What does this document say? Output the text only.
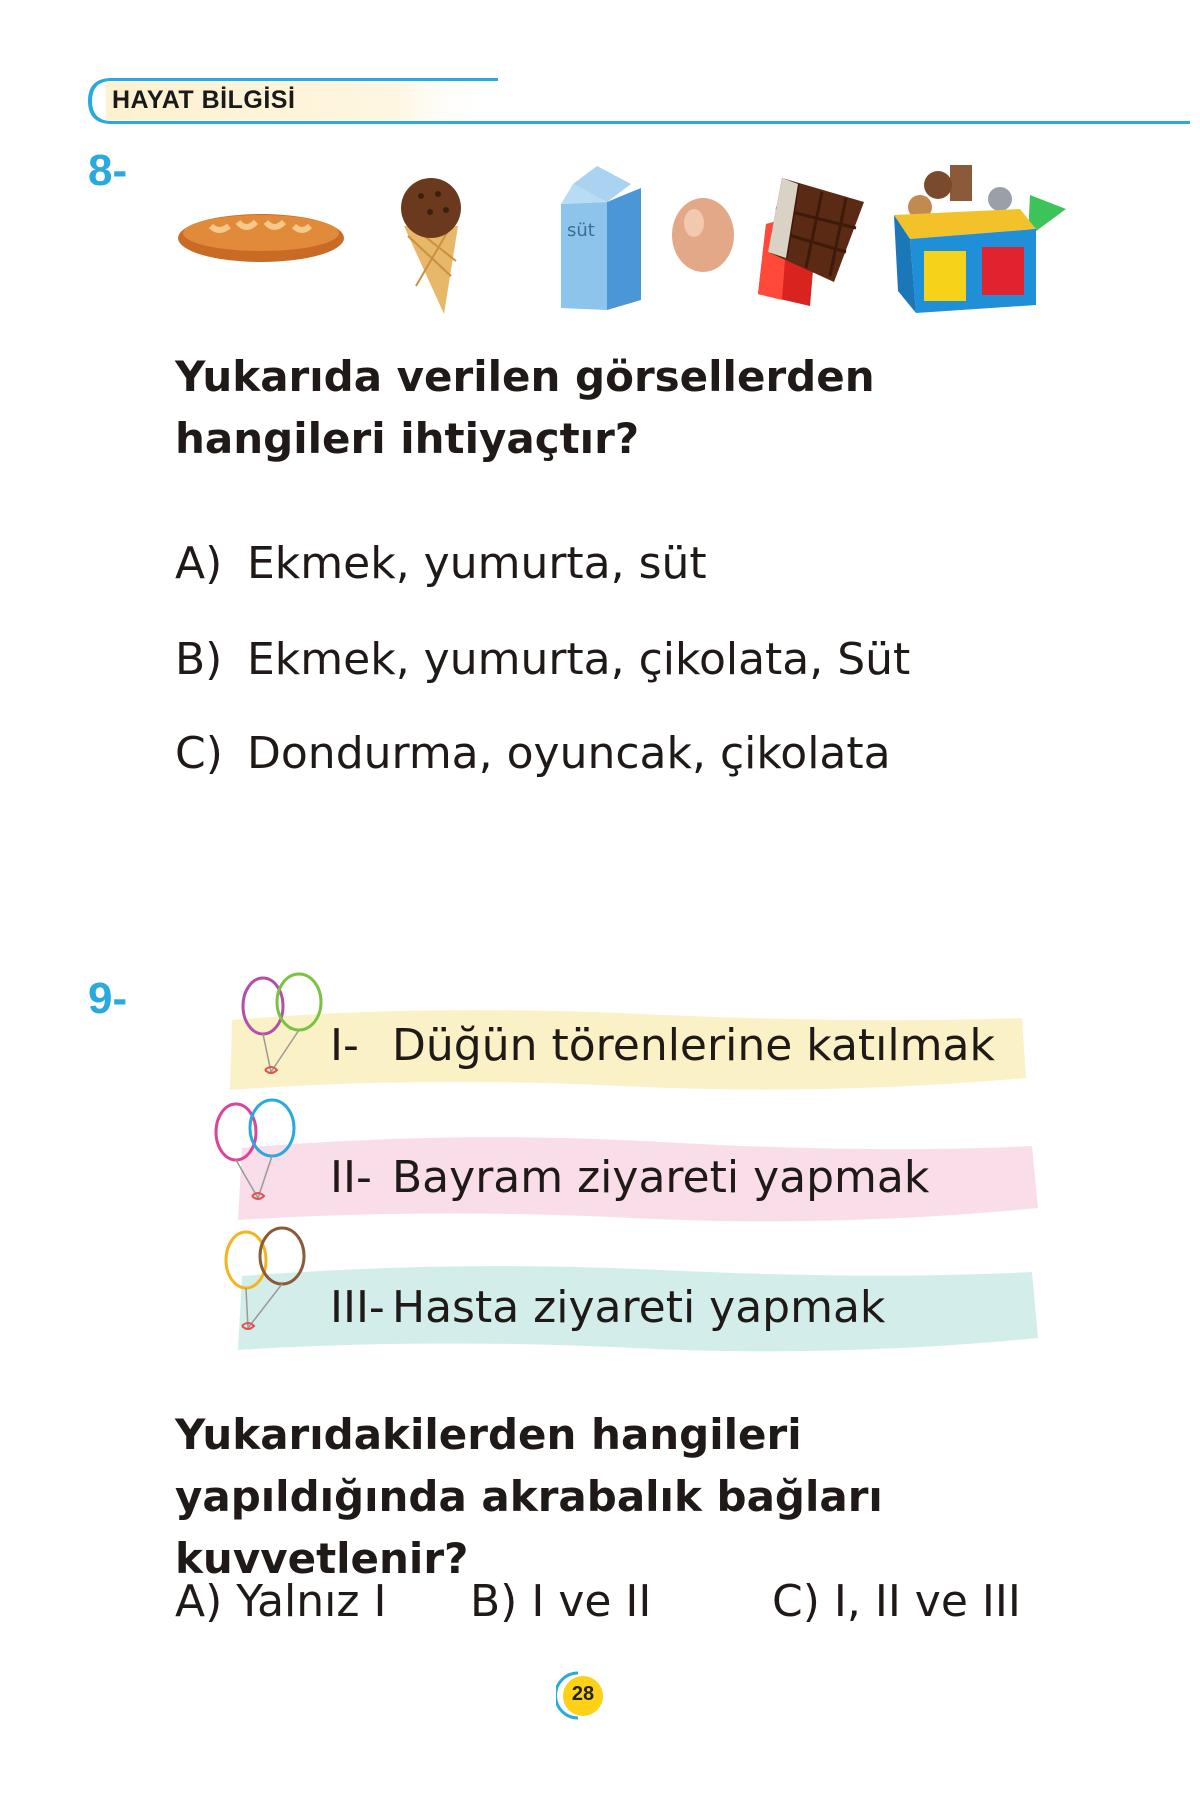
HAYAT BİLGİSİ
8-
süt
Yukarıda verilen görsellerden hangileri ihtiyaçtır?
A) Ekmek, yumurta, süt
B) Ekmek, yumurta, çikolata, Süt
C) Dondurma, oyuncak, çikolata
9-
I- Düğün törenlerine katılmak
II- Bayram ziyareti yapmak
III- Hasta ziyareti yapmak
Yukarıdakilerden hangileri yapıldığında akrabalık bağları kuvvetlenir?
A) Yalnız I B) I ve II	C) I, II ve III
28
